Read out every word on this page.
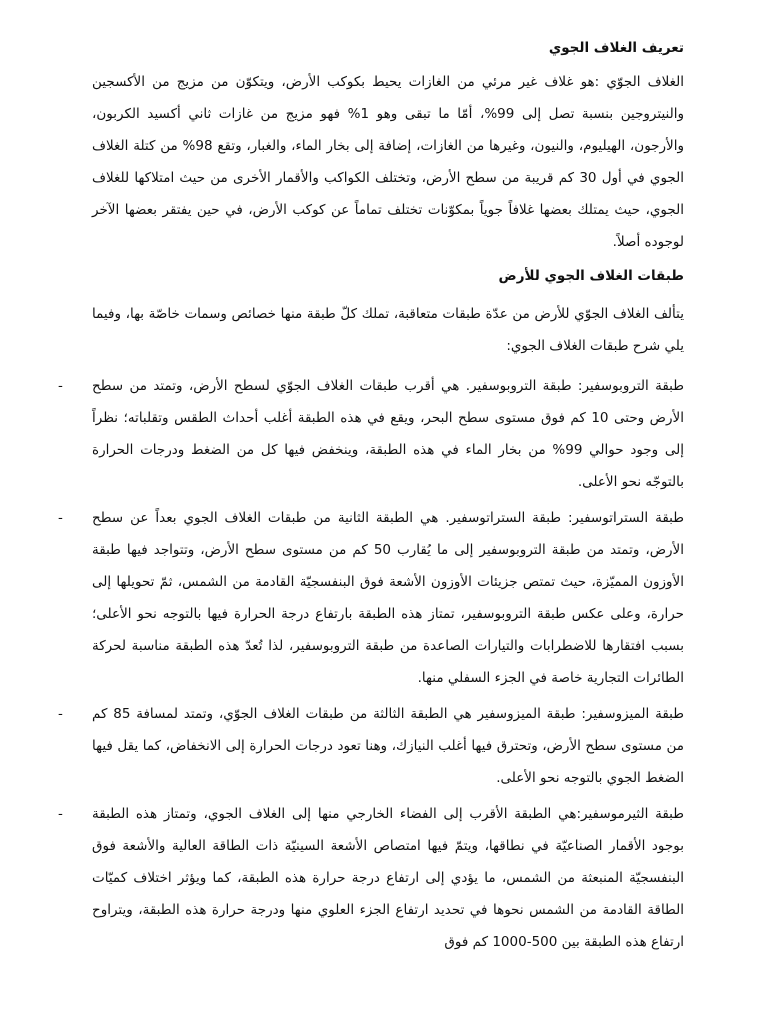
تعريف الغلاف الجوي

الغلاف الجوّي :هو غلاف غير مرئي من الغازات يحيط بكوكب الأرض، ويتكوّن من مزيج من الأكسجين والنيتروجين بنسبة تصل إلى 99%، أمّا ما تبقى وهو 1% فهو مزيج من غازات ثاني أكسيد الكربون، والأرجون، الهيليوم، والنيون، وغيرها من الغازات، إضافة إلى بخار الماء، والغبار، وتقع 98% من كتلة الغلاف الجوي في أول 30 كم قريبة من سطح الأرض، وتختلف الكواكب والأقمار الأخرى من حيث امتلاكها للغلاف الجوي، حيث يمتلك بعضها غلافاً جوياً بمكوّنات تختلف تماماً عن كوكب الأرض، في حين يفتقر بعضها الآخر لوجوده أصلاً.

طبقات الغلاف الجوي للأرض

يتألف الغلاف الجوّي للأرض من عدّة طبقات متعاقبة، تملك كلّ طبقة منها خصائص وسمات خاصّة بها، وفيما يلي شرح طبقات الغلاف الجوي:

- طبقة التروبوسفير: طبقة التروبوسفير. هي أقرب طبقات الغلاف الجوّي لسطح الأرض، وتمتد من سطح الأرض وحتى 10 كم فوق مستوى سطح البحر، ويقع في هذه الطبقة أغلب أحداث الطقس وتقلباته؛ نظراً إلى وجود حوالي 99% من بخار الماء في هذه الطبقة، وينخفض فيها كل من الضغط ودرجات الحرارة بالتوجّه نحو الأعلى.

- طبقة الستراتوسفير: طبقة الستراتوسفير. هي الطبقة الثانية من طبقات الغلاف الجوي بعداً عن سطح الأرض، وتمتد من طبقة التروبوسفير إلى ما يُقارب 50 كم من مستوى سطح الأرض، وتتواجد فيها طبقة الأوزون المميّزة، حيث تمتص جزيئات الأوزون الأشعة فوق البنفسجيّة القادمة من الشمس، ثمّ تحويلها إلى حرارة، وعلى عكس طبقة التروبوسفير، تمتاز هذه الطبقة بارتفاع درجة الحرارة فيها بالتوجه نحو الأعلى؛ بسبب افتقارها للاضطرابات والتيارات الصاعدة من طبقة التروبوسفير، لذا تُعدّ هذه الطبقة مناسبة لحركة الطائرات التجارية خاصة في الجزء السفلي منها.

- طبقة الميزوسفير: طبقة الميزوسفير هي الطبقة الثالثة من طبقات الغلاف الجوّي، وتمتد لمسافة 85 كم من مستوى سطح الأرض، وتحترق فيها أغلب النيازك، وهنا تعود درجات الحرارة إلى الانخفاض، كما يقل فيها الضغط الجوي بالتوجه نحو الأعلى.

- طبقة الثيرموسفير:هي الطبقة الأقرب إلى الفضاء الخارجي منها إلى الغلاف الجوي، وتمتاز هذه الطبقة بوجود الأقمار الصناعيّة في نطاقها، ويتمّ فيها امتصاص الأشعة السينيّة ذات الطاقة العالية والأشعة فوق البنفسجيّة المنبعثة من الشمس، ما يؤدي إلى ارتفاع درجة حرارة هذه الطبقة، كما ويؤثر اختلاف كميّات الطاقة القادمة من الشمس نحوها في تحديد ارتفاع الجزء العلوي منها ودرجة حرارة هذه الطبقة، ويتراوح ارتفاع هذه الطبقة بين 500-1000 كم فوق
